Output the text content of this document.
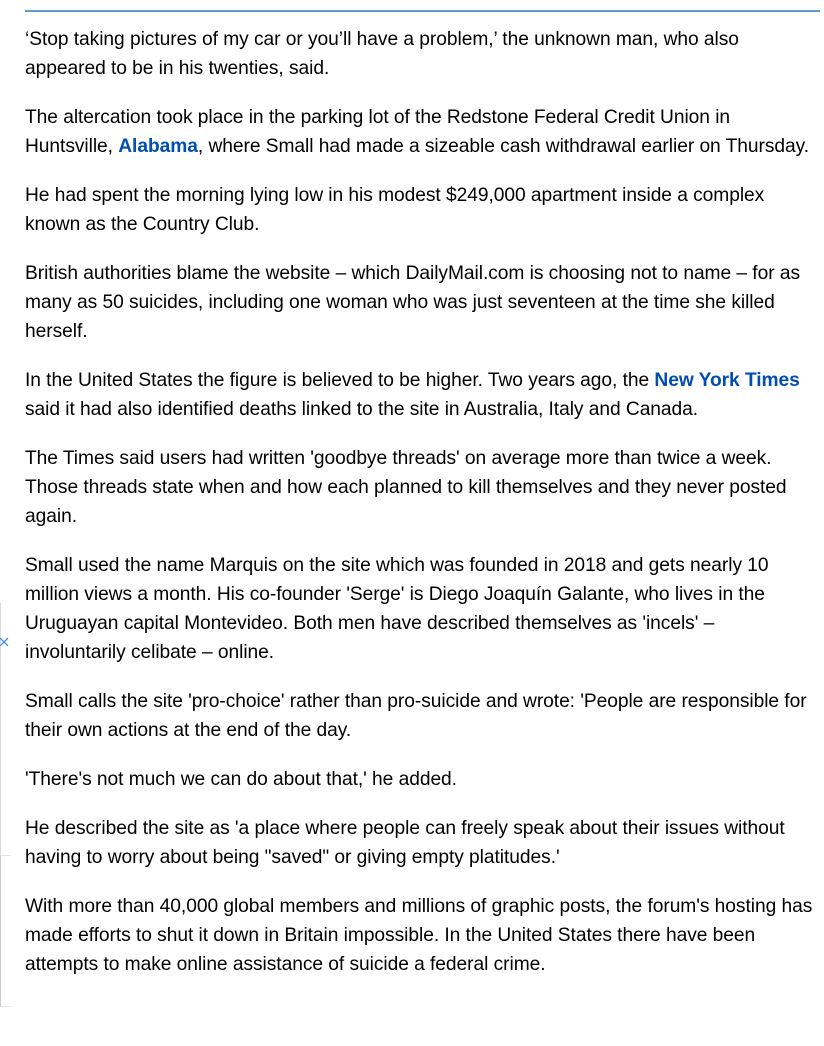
‘Stop taking pictures of my car or you’ll have a problem,’ the unknown man, who also appeared to be in his twenties, said.

The altercation took place in the parking lot of the Redstone Federal Credit Union in Huntsville, Alabama, where Small had made a sizeable cash withdrawal earlier on Thursday.

He had spent the morning lying low in his modest $249,000 apartment inside a complex known as the Country Club.

British authorities blame the website – which DailyMail.com is choosing not to name – for as many as 50 suicides, including one woman who was just seventeen at the time she killed herself.

In the United States the figure is believed to be higher. Two years ago, the New York Times said it had also identified deaths linked to the site in Australia, Italy and Canada.

The Times said users had written 'goodbye threads' on average more than twice a week. Those threads state when and how each planned to kill themselves and they never posted again.

Small used the name Marquis on the site which was founded in 2018 and gets nearly 10 million views a month. His co-founder 'Serge' is Diego Joaquín Galante, who lives in the Uruguayan capital Montevideo. Both men have described themselves as 'incels' – involuntarily celibate – online.

Small calls the site 'pro-choice' rather than pro-suicide and wrote: 'People are responsible for their own actions at the end of the day.

'There's not much we can do about that,' he added.

He described the site as 'a place where people can freely speak about their issues without having to worry about being "saved" or giving empty platitudes.'

With more than 40,000 global members and millions of graphic posts, the forum's hosting has made efforts to shut it down in Britain impossible. In the United States there have been attempts to make online assistance of suicide a federal crime.
